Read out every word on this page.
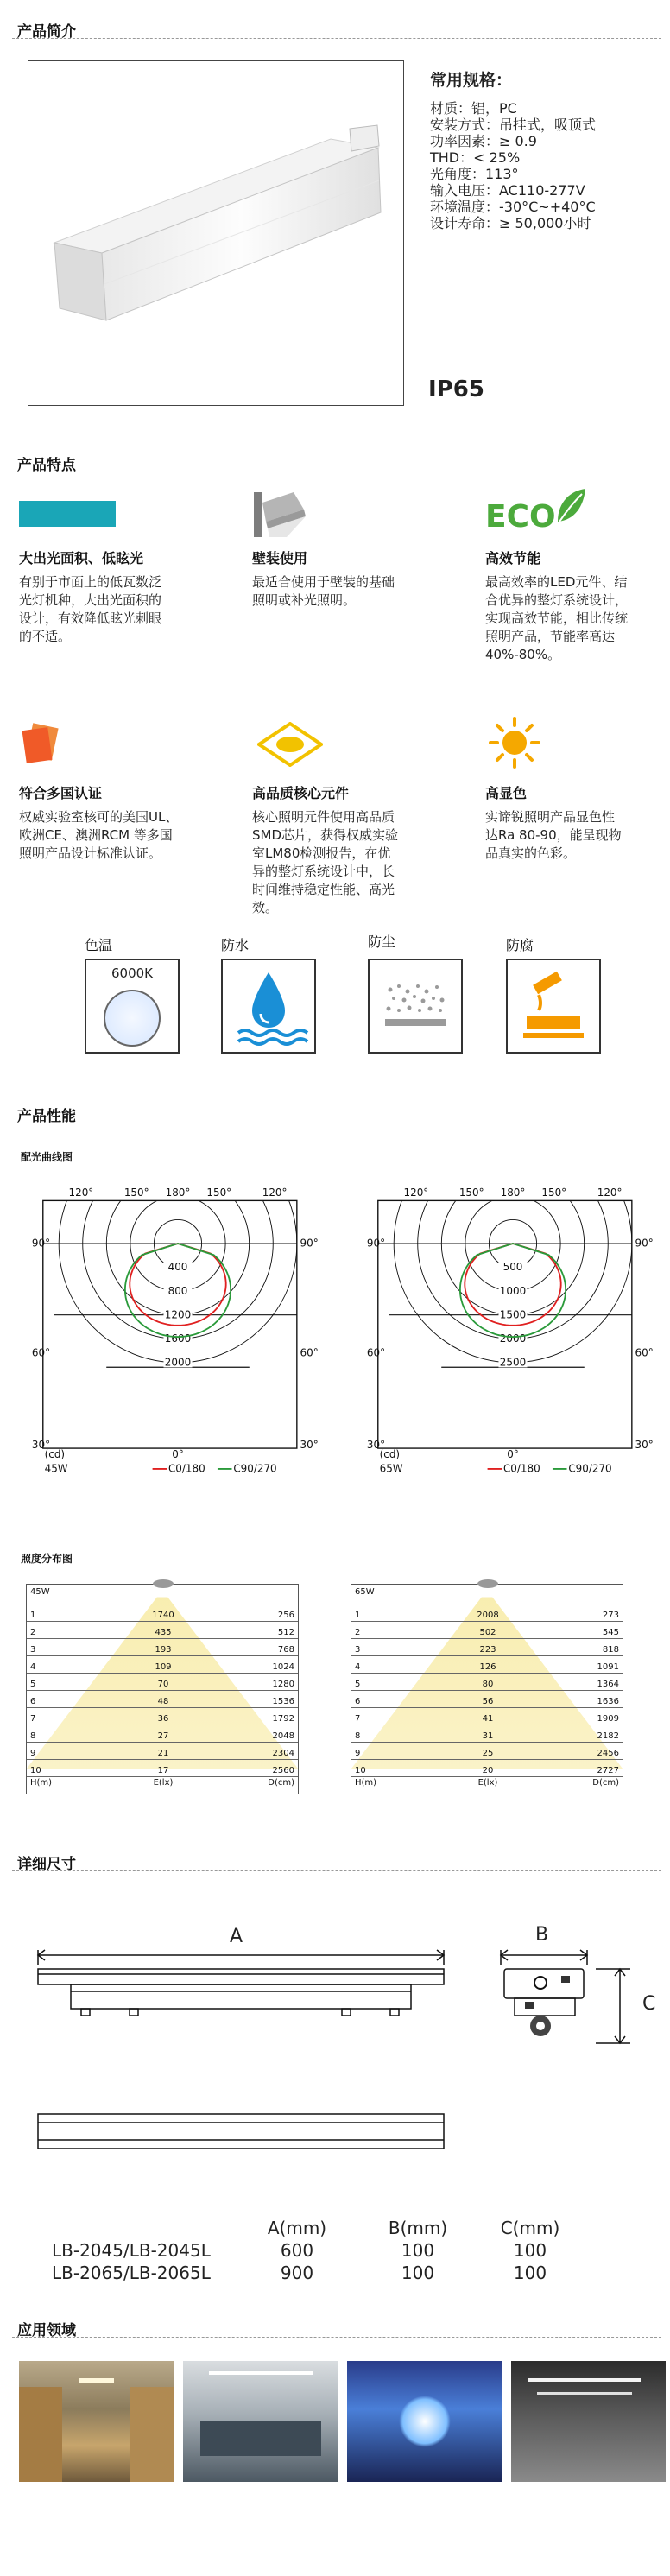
产品简介
常用规格：
材质：铝，PC
安装方式：吊挂式，吸顶式
功率因素：≥ 0.9
THD：< 25%
光角度：113°
输入电压：AC110-277V
环境温度：-30°C~+40°C
设计寿命：≥ 50,000小时
IP65
产品特点
大出光面积、低眩光
有别于市面上的低瓦数泛
光灯机种，大出光面积的
设计，有效降低眩光刺眼
的不适。
壁装使用
最适合使用于壁装的基础
照明或补光照明。
ECO
高效节能
最高效率的LED元件、结
合优异的整灯系统设计，
实现高效节能，相比传统
照明产品，节能率高达
40%-80%。
符合多国认证
权威实验室核可的美国UL、
欧洲CE、澳洲RCM 等多国
照明产品设计标准认证。
高品质核心元件
核心照明元件使用高品质
SMD芯片，获得权威实验
室LM80检测报告，在优
异的整灯系统设计中，长
时间维持稳定性能、高光
效。
高显色
实谛锐照明产品显色性
达Ra 80-90，能呈现物
品真实的色彩。
色温	防水	防尘	防腐
6000K
产品性能
配光曲线图
400
800
1200
1600
2000
120°	150° 180° 150°	120°
90°	90°
60°	60°
30°	30°
0°
(cd)
45W	C0/180	C90/270
500
1000
1500
2000
2500
120°	150° 180° 150°	120°
90°	90°
60°	60°
30°	30°
0°
(cd)
65W	C0/180	C90/270
照度分布图
45W
1	1740	256
2	435	512
3	193	768
4	109	1024
5	70	1280
6	48	1536
7	36	1792
8	27	2048
9	21	2304
10	17	2560
H(m)	E(lx)	D(cm)
65W
1	2008	273
2	502	545
3	223	818
4	126	1091
5	80	1364
6	56	1636
7	41	1909
8	31	2182
9	25	2456
10	20	2727
H(m)	E(lx)	D(cm)
详细尺寸
A	B
C
A(mm)	B(mm)	C(mm)
LB-2045/LB-2045L	600	100	100
LB-2065/LB-2065L	900	100	100
应用领域
